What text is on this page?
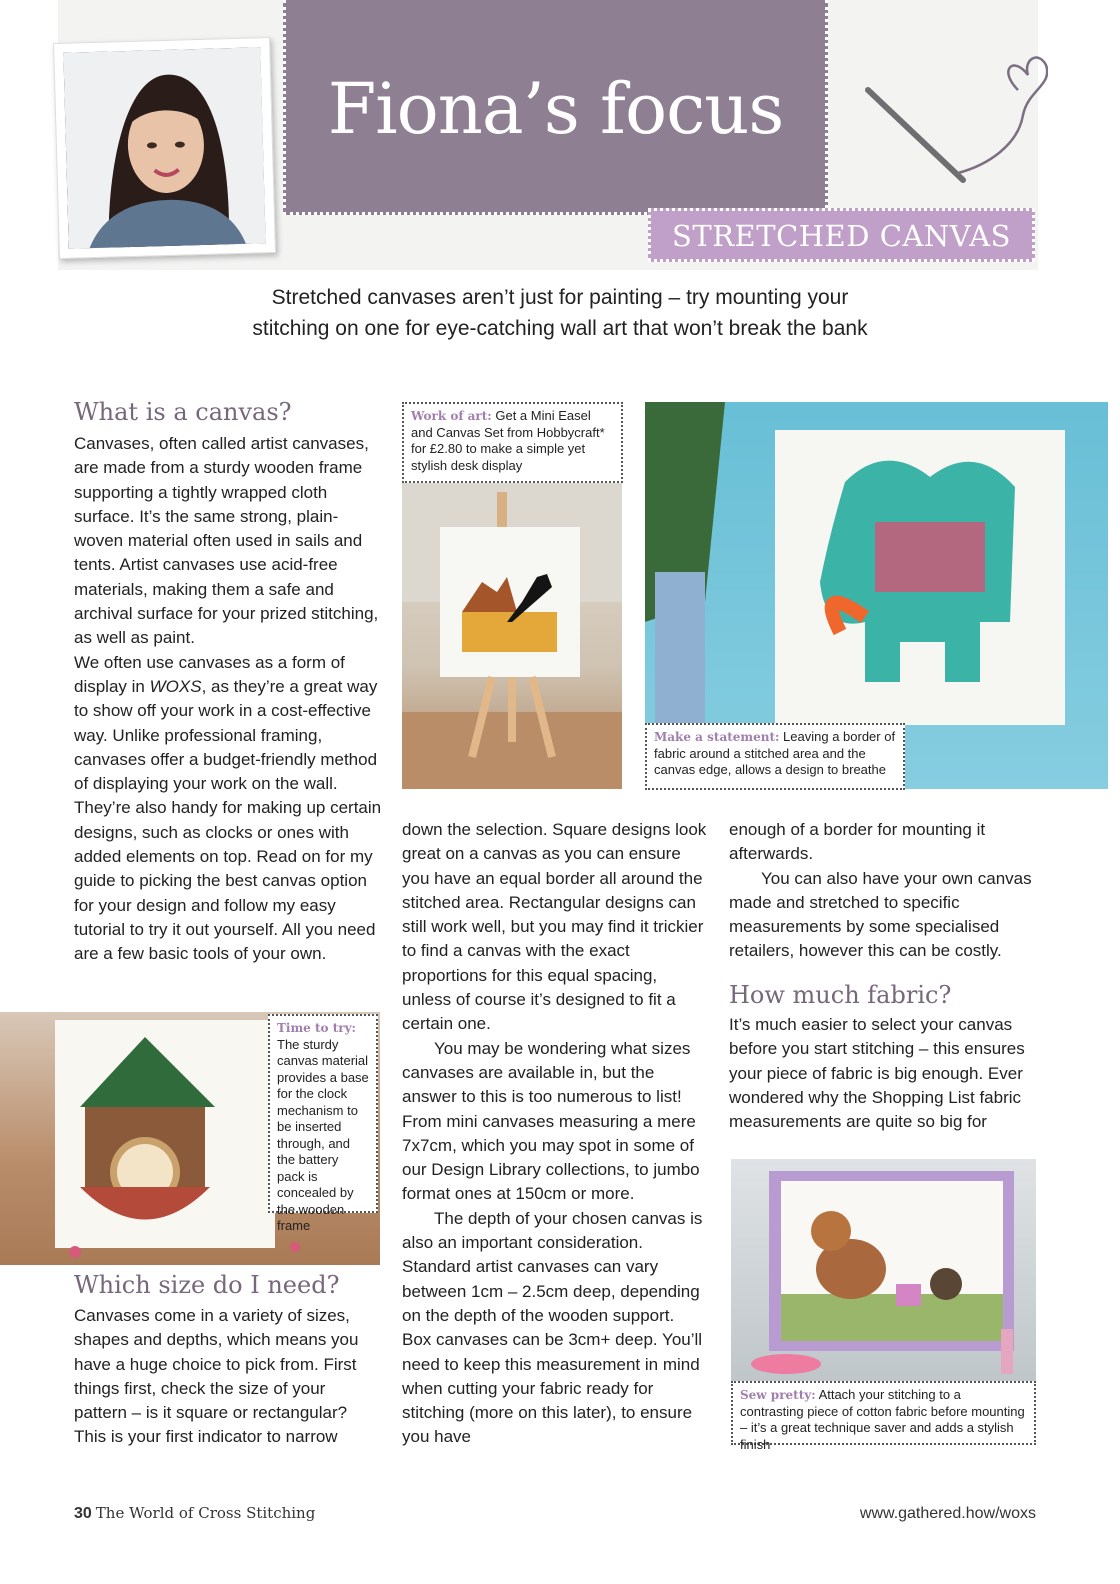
Fiona’s focus
STRETCHED CANVAS
Stretched canvases aren’t just for painting – try mounting your
stitching on one for eye-catching wall art that won’t break the bank
What is a canvas?

Canvases, often called artist canvases, are made from a sturdy wooden frame supporting a tightly wrapped cloth surface. It’s the same strong, plain-woven material often used in sails and tents. Artist canvases use acid-free materials, making them a safe and archival surface for your prized stitching, as well as paint.

We often use canvases as a form of display in WOXS, as they’re a great way to show off your work in a cost-effective way. Unlike professional framing, canvases offer a budget-friendly method of displaying your work on the wall. They’re also handy for making up certain designs, such as clocks or ones with added elements on top. Read on for my guide to picking the best canvas option for your design and follow my easy tutorial to try it out yourself. All you need are a few basic tools of your own.

Time to try:
The sturdy canvas material provides a base for the clock mechanism to be inserted through, and the battery pack is concealed by the wooden frame
Which size do I need?

Canvases come in a variety of sizes, shapes and depths, which means you have a huge choice to pick from. First things first, check the size of your pattern – is it square or rectangular? This is your first indicator to narrow

Work of art: Get a Mini Easel and Canvas Set from Hobbycraft* for £2.80 to make a simple yet stylish desk display
Make a statement: Leaving a border of fabric around a stitched area and the canvas edge, allows a design to breathe

down the selection. Square designs look great on a canvas as you can ensure you have an equal border all around the stitched area. Rectangular designs can still work well, but you may find it trickier to find a canvas with the exact proportions for this equal spacing, unless of course it’s designed to fit a certain one.

You may be wondering what sizes canvases are available in, but the answer to this is too numerous to list! From mini canvases measuring a mere 7x7cm, which you may spot in some of our Design Library collections, to jumbo format ones at 150cm or more.

The depth of your chosen canvas is also an important consideration. Standard artist canvases can vary between 1cm – 2.5cm deep, depending on the depth of the wooden support. Box canvases can be 3cm+ deep. You’ll need to keep this measurement in mind when cutting your fabric ready for stitching (more on this later), to ensure you have

enough of a border for mounting it afterwards.

You can also have your own canvas made and stretched to specific measurements by some specialised retailers, however this can be costly.

How much fabric?

It’s much easier to select your canvas before you start stitching – this ensures your piece of fabric is big enough. Ever wondered why the Shopping List fabric measurements are quite so big for

Sew pretty: Attach your stitching to a contrasting piece of cotton fabric before mounting – it’s a great technique saver and adds a stylish finish
30 The World of Cross Stitching	www.gathered.how/woxs
